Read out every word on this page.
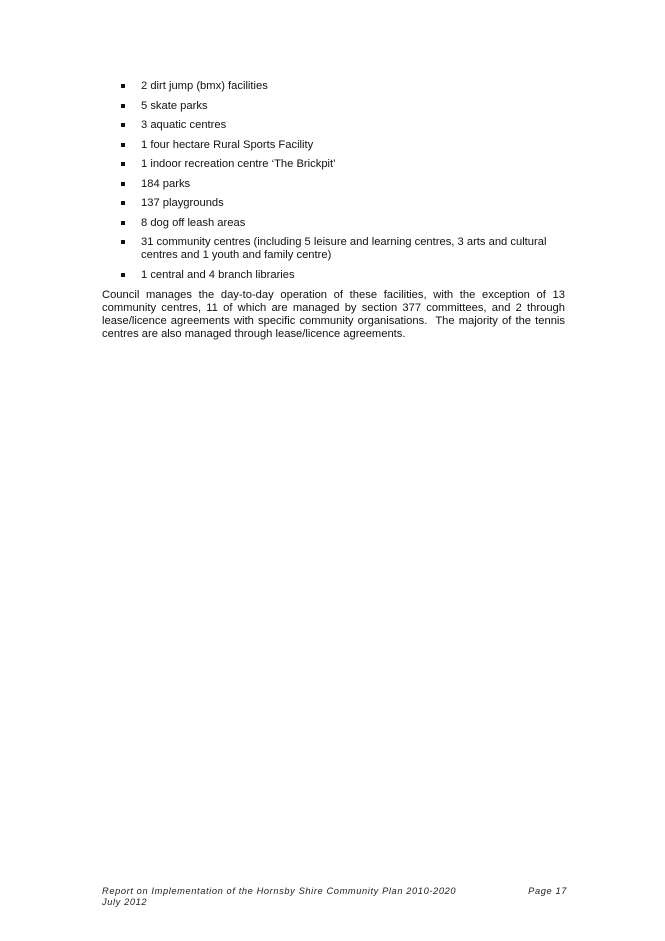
2 dirt jump (bmx) facilities
5 skate parks
3 aquatic centres
1 four hectare Rural Sports Facility
1 indoor recreation centre ‘The Brickpit’
184 parks
137 playgrounds
8 dog off leash areas
31 community centres (including 5 leisure and learning centres, 3 arts and cultural centres and 1 youth and family centre)
1 central and 4 branch libraries

Council manages the day-to-day operation of these facilities, with the exception of 13 community centres, 11 of which are managed by section 377 committees, and 2 through lease/licence agreements with specific community organisations.  The majority of the tennis centres are also managed through lease/licence agreements.

Report on Implementation of the Hornsby Shire Community Plan 2010-2020

July 2012

Page 17
